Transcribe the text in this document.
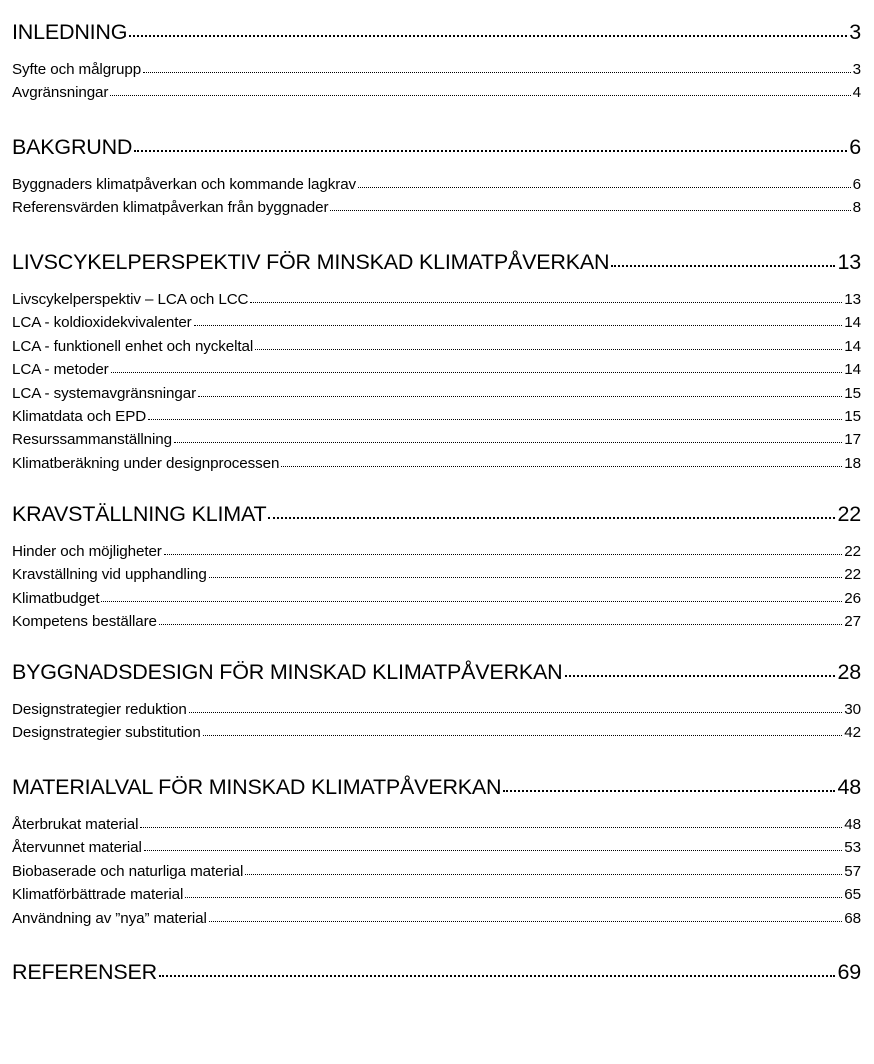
INLEDNING	3
Syfte och målgrupp	3
Avgränsningar	4
BAKGRUND	6
Byggnaders klimatpåverkan och kommande lagkrav	6
Referensvärden klimatpåverkan från byggnader	8
LIVSCYKELPERSPEKTIV FÖR MINSKAD KLIMATPÅVERKAN	13
Livscykelperspektiv – LCA och LCC	13
LCA - koldioxidekvivalenter	14
LCA - funktionell enhet och nyckeltal	14
LCA - metoder	14
LCA - systemavgränsningar	15
Klimatdata och EPD	15
Resurssammanställning	17
Klimatberäkning under designprocessen	18
KRAVSTÄLLNING KLIMAT	22
Hinder och möjligheter	22
Kravställning vid upphandling	22
Klimatbudget	26
Kompetens beställare	27
BYGGNADSDESIGN FÖR MINSKAD KLIMATPÅVERKAN	28
Designstrategier reduktion	30
Designstrategier substitution	42
MATERIALVAL FÖR MINSKAD KLIMATPÅVERKAN	48
Återbrukat material	48
Återvunnet material	53
Biobaserade och naturliga material	57
Klimatförbättrade material	65
Användning av ”nya” material	68
REFERENSER	69
